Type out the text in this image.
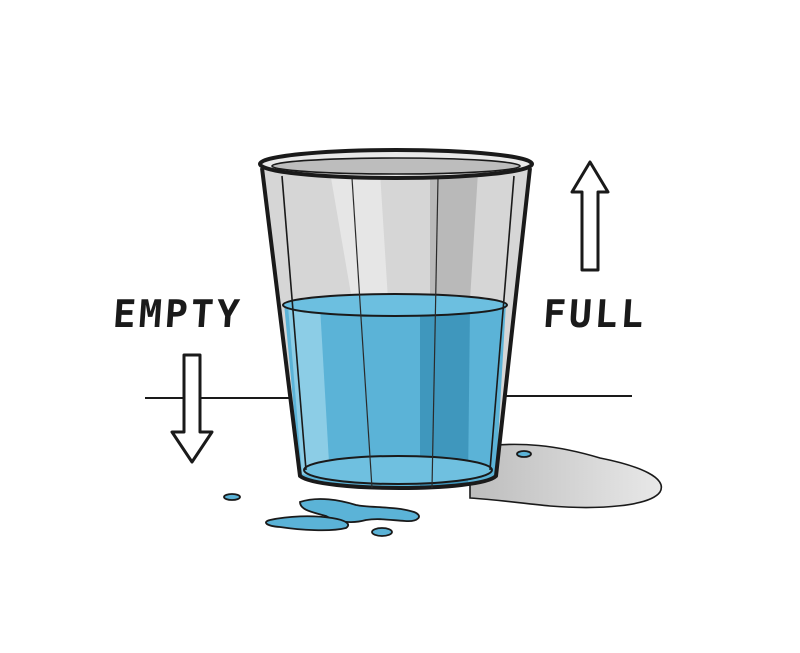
EMPTY	FULL
